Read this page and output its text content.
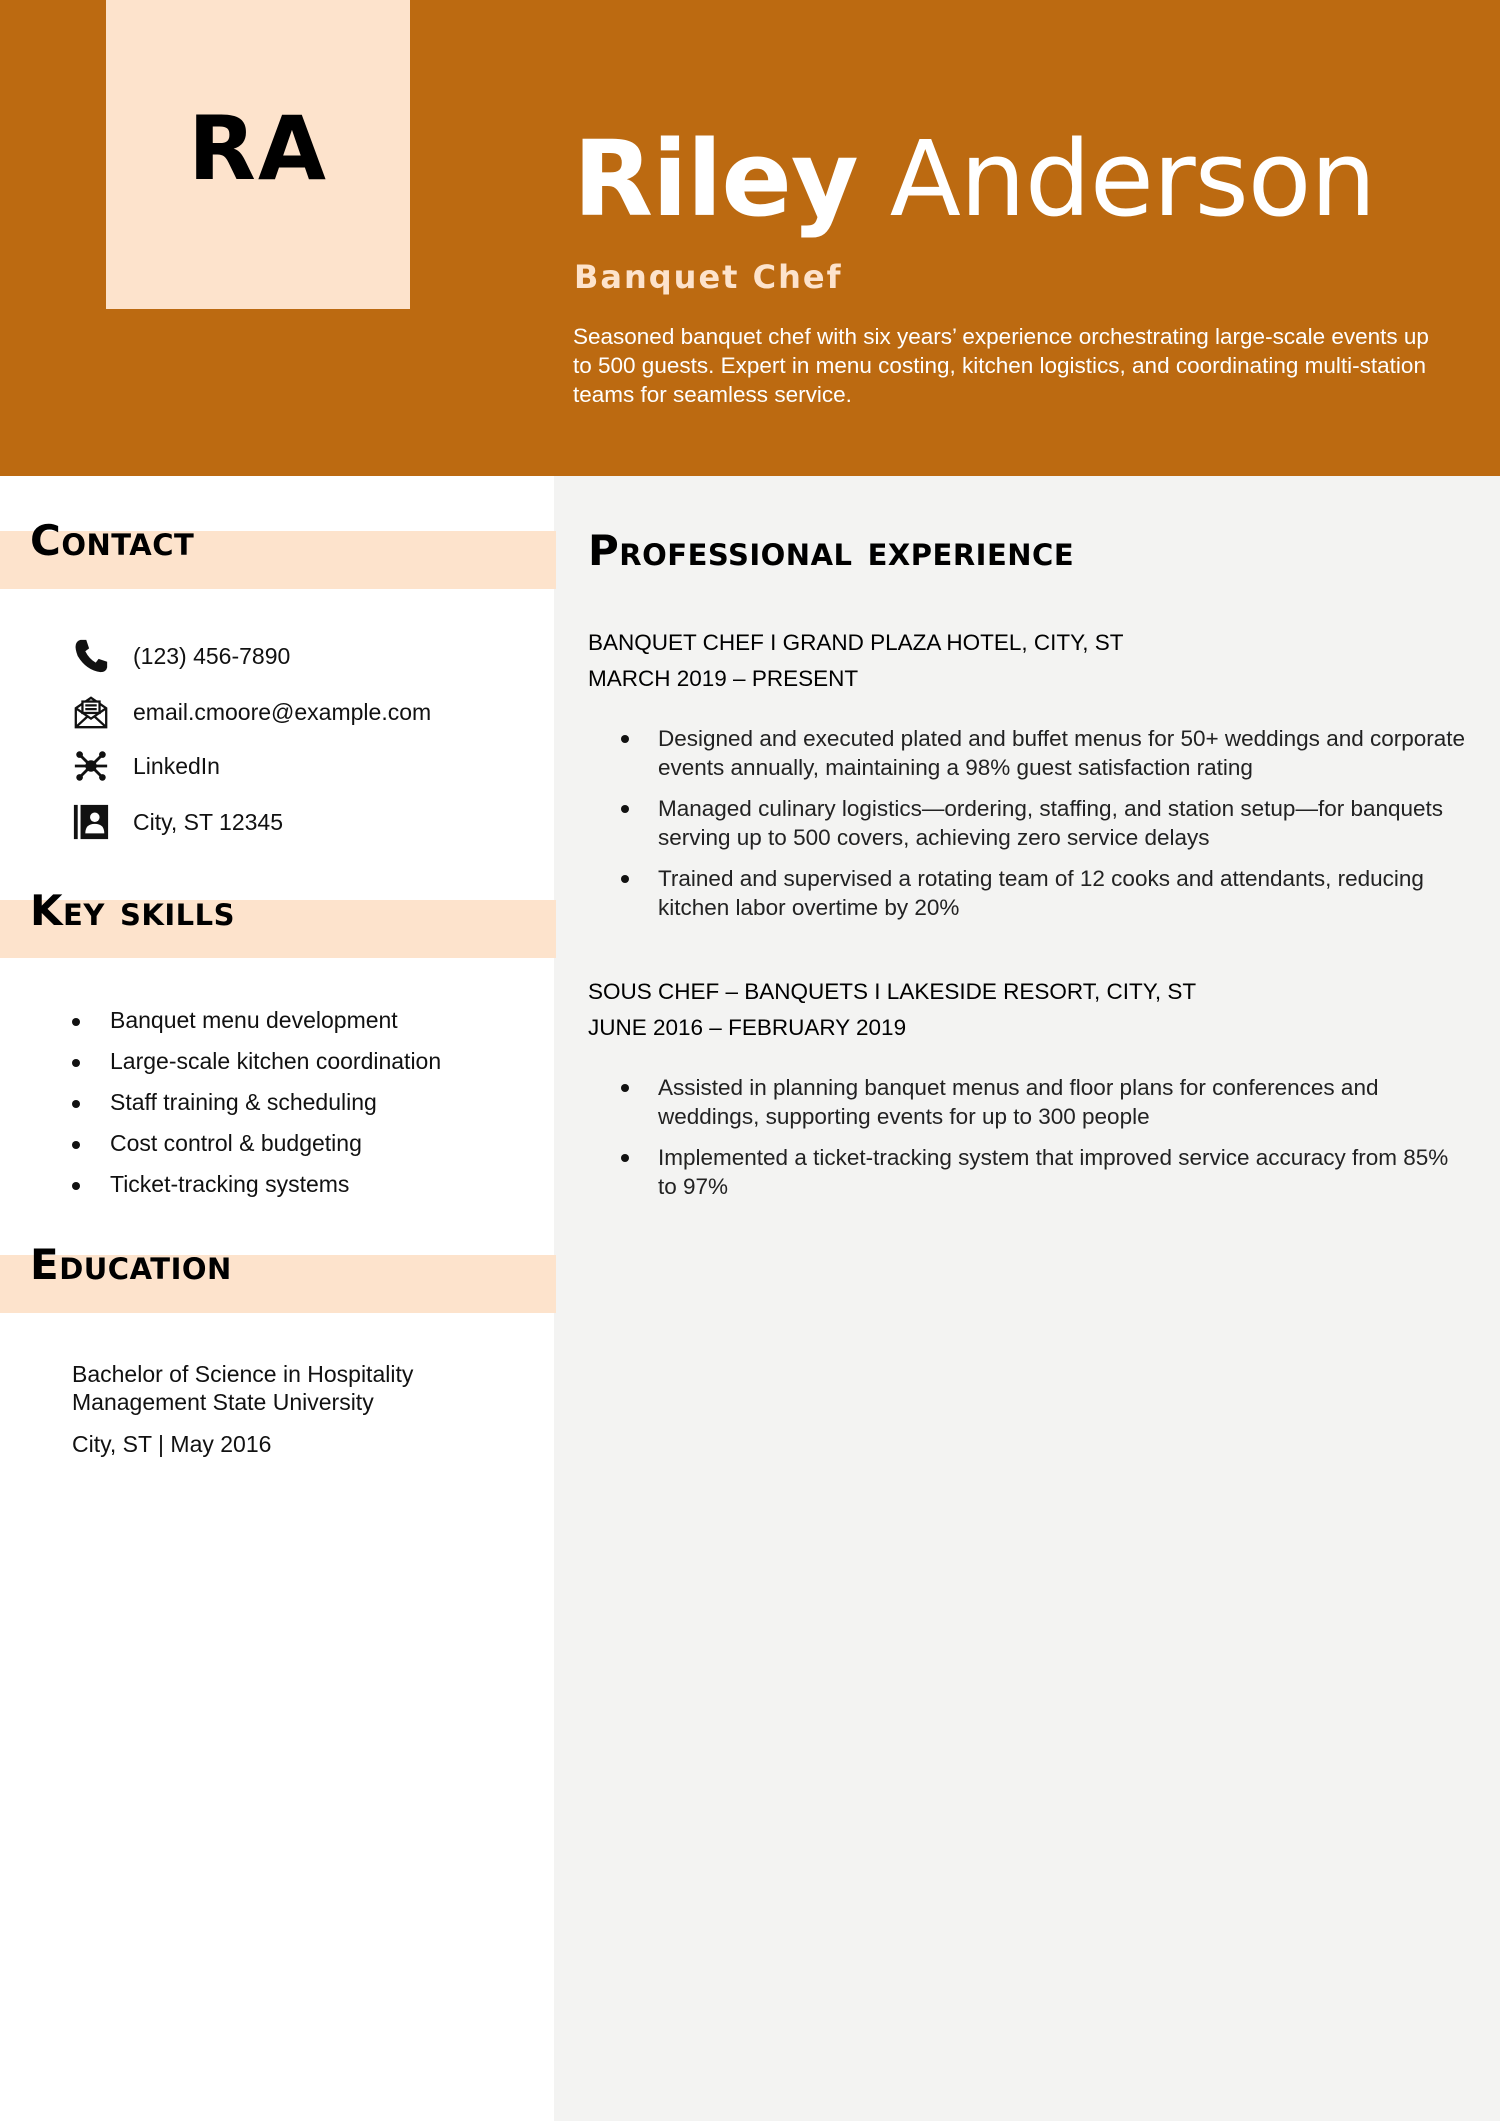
RA Riley Anderson
Banquet Chef
Seasoned banquet chef with six years’ experience orchestrating large-scale events up to 500 guests. Expert in menu costing, kitchen logistics, and coordinating multi-station teams for seamless service.
Contact
(123) 456-7890
email.cmoore@example.com
LinkedIn
City, ST 12345
Key skills
Banquet menu development
Large-scale kitchen coordination
Staff training & scheduling
Cost control & budgeting
Ticket-tracking systems
Education
Bachelor of Science in Hospitality Management State University
City, ST | May 2016
Professional experience
BANQUET CHEF I GRAND PLAZA HOTEL, CITY, ST
MARCH 2019 – PRESENT
Designed and executed plated and buffet menus for 50+ weddings and corporate events annually, maintaining a 98% guest satisfaction rating
Managed culinary logistics—ordering, staffing, and station setup—for banquets serving up to 500 covers, achieving zero service delays
Trained and supervised a rotating team of 12 cooks and attendants, reducing kitchen labor overtime by 20%
SOUS CHEF – BANQUETS I LAKESIDE RESORT, CITY, ST
JUNE 2016 – FEBRUARY 2019
Assisted in planning banquet menus and floor plans for conferences and weddings, supporting events for up to 300 people
Implemented a ticket-tracking system that improved service accuracy from 85% to 97%
